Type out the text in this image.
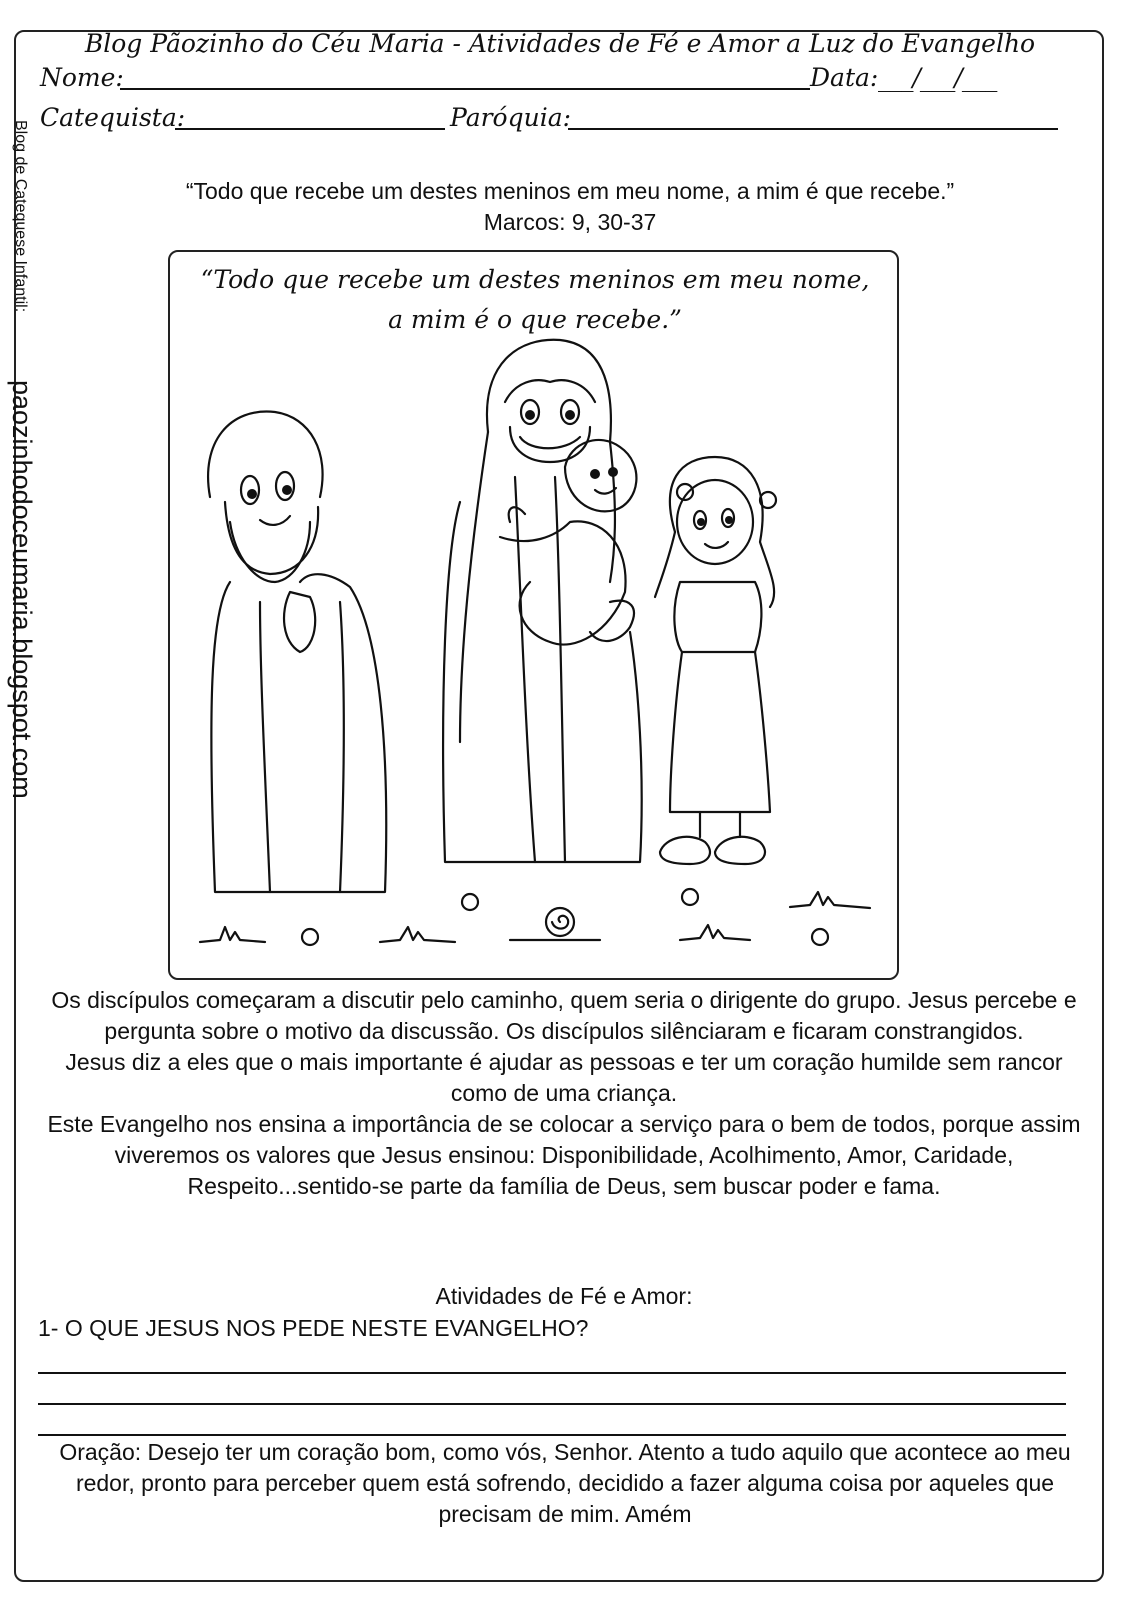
Blog Pãozinho do Céu Maria - Atividades de Fé e Amor a Luz do Evangelho
Nome:	Data: ___/___/___
Catequista:	Paróquia:
Blog de Catequese Infantil:
paozinhodoceumaria.blogspot.com
“Todo que recebe um destes meninos em meu nome, a mim é que recebe.”
Marcos: 9, 30-37
“Todo que recebe um destes meninos em meu nome, a mim é o que recebe.”

Os discípulos começaram a discutir pelo caminho, quem seria o dirigente do grupo. Jesus percebe e pergunta sobre o motivo da discussão. Os discípulos silênciaram e ficaram constrangidos.

Jesus diz a eles que o mais importante é ajudar as pessoas e ter um coração humilde sem rancor como de uma criança.

Este Evangelho nos ensina a importância de se colocar a serviço para o bem de todos, porque assim viveremos os valores que Jesus ensinou: Disponibilidade, Acolhimento, Amor, Caridade, Respeito...sentido-se parte da família de Deus, sem buscar poder e fama.

Atividades de Fé e Amor:
1- O QUE JESUS NOS PEDE NESTE EVANGELHO?
Oração: Desejo ter um coração bom, como vós, Senhor. Atento a tudo aquilo que acontece ao meu redor, pronto para perceber quem está sofrendo, decidido a fazer alguma coisa por aqueles que precisam de mim. Amém
